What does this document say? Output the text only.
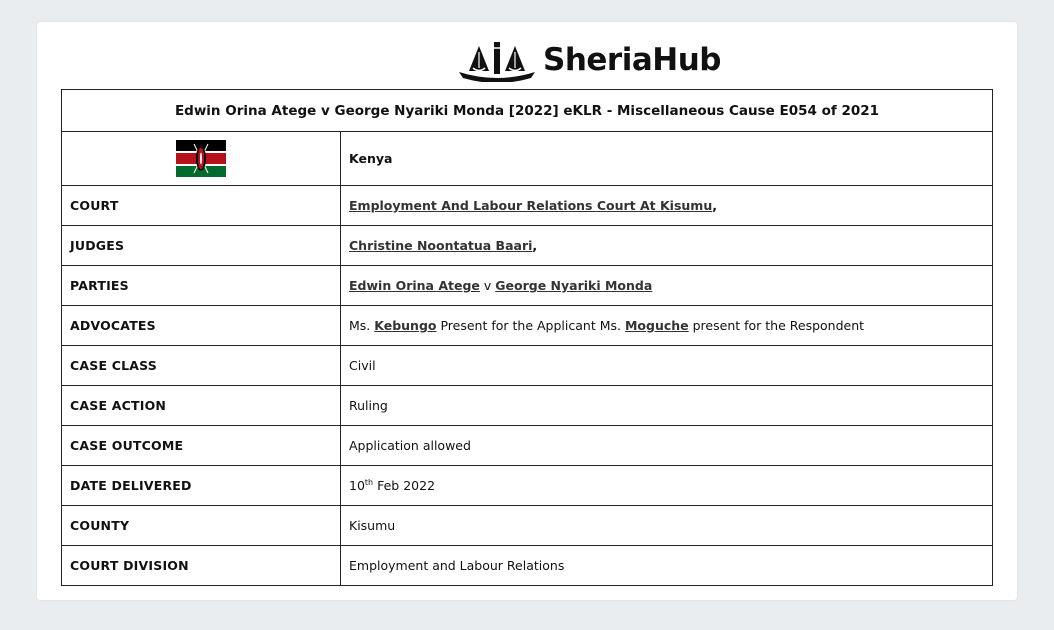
SheriaHub
Edwin Orina Atege v George Nyariki Monda [2022] eKLR - Miscellaneous Cause E054 of 2021	

	Kenya
COURT	Employment And Labour Relations Court At Kisumu,
JUDGES	Christine Noontatua Baari,
PARTIES	Edwin Orina Atege v George Nyariki Monda
ADVOCATES	Ms. Kebungo Present for the Applicant Ms. Moguche present for the Respondent
CASE CLASS	Civil
CASE ACTION	Ruling
CASE OUTCOME	Application allowed
DATE DELIVERED	10th Feb 2022
COUNTY	Kisumu
COURT DIVISION	Employment and Labour Relations
